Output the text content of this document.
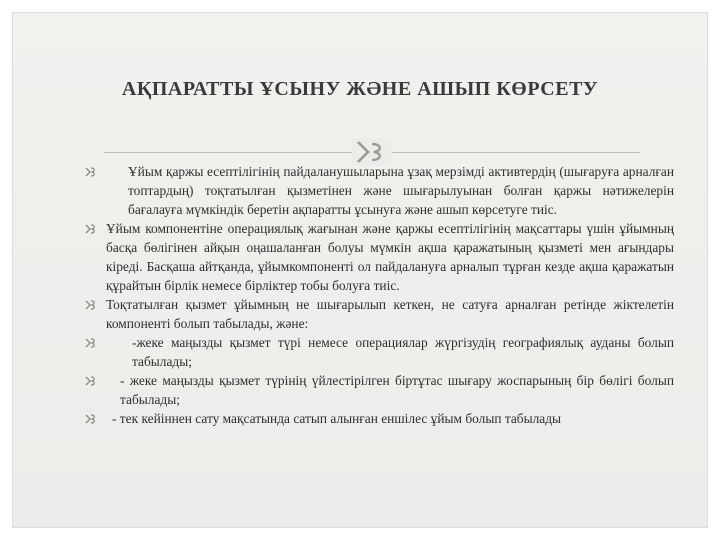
АҚПАРАТТЫ ҰСЫНУ ЖӘНЕ АШЫП КӨРСЕТУ
Ұйым қаржы есептілігінің пайдаланушыларына ұзақ мерзімді активтердің (шығаруға арналған топтардың) тоқтатылған қызметінен және шығарылуынан болған қаржы нәтижелерін бағалауға мүмкіндік беретін ақпаратты ұсынуға және ашып көрсетуге тиіс.
Ұйым компонентіне операциялық жағынан және қаржы есептілігінің мақсаттары үшін ұйымның басқа бөлігінен айқын оңашаланған болуы мүмкін ақша қаражатының қызметі мен ағындары кіреді. Басқаша айтқанда, ұйымкомпоненті ол пайдалануға арналып тұрған кезде ақша қаражатын құрайтын бірлік немесе бірліктер тобы болуға тиіс.
Тоқтатылған қызмет ұйымның не шығарылып кеткен, не сатуға арналған ретінде жіктелетін компоненті болып табылады, және:
-жеке маңызды қызмет түрі немесе операциялар жүргізудің географиялық ауданы болып табылады;
- жеке маңызды қызмет түрінің үйлестірілген біртұтас шығару жоспарының бір бөлігі болып табылады;
- тек кейіннен сату мақсатында сатып алынған еншілес ұйым болып табылады
